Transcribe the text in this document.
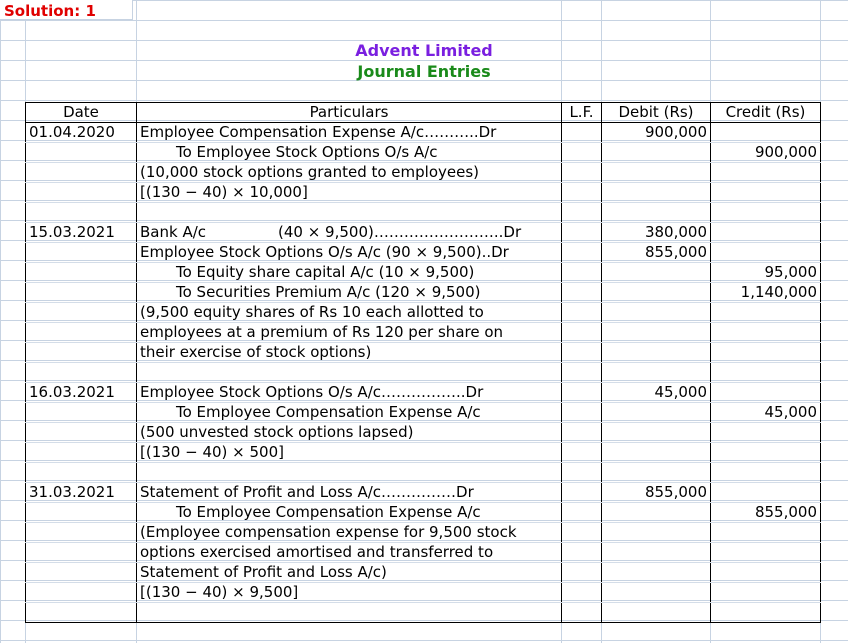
Solution: 1
Advent Limited
Journal Entries
Date	Particulars	L.F.	Debit (Rs)	Credit (Rs)
01.04.2020	Employee Compensation Expense A/c………..Dr		900,000	
	To Employee Stock Options O/s A/c			900,000
	(10,000 stock options granted to employees)			
	[(130 − 40) × 10,000]			

15.03.2021	Bank A/c (40 × 9,500)……………………..Dr		380,000	
	Employee Stock Options O/s A/c (90 × 9,500)..Dr		855,000	
	To Equity share capital A/c (10 × 9,500)			95,000
	To Securities Premium A/c (120 × 9,500)			1,140,000
	(9,500 equity shares of Rs 10 each allotted to			
	employees at a premium of Rs 120 per share on			
	their exercise of stock options)			

16.03.2021	Employee Stock Options O/s A/c……………..Dr		45,000	
	To Employee Compensation Expense A/c			45,000
	(500 unvested stock options lapsed)			
	[(130 − 40) × 500]			

31.03.2021	Statement of Profit and Loss A/c……………Dr		855,000	
	To Employee Compensation Expense A/c			855,000
	(Employee compensation expense for 9,500 stock			
	options exercised amortised and transferred to			
	Statement of Profit and Loss A/c)			
	[(130 − 40) × 9,500]			
